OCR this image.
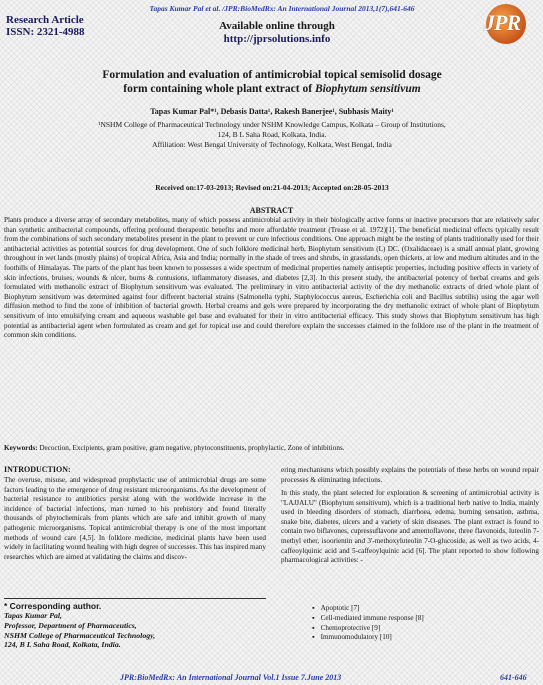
Tapas Kumar Pal et al. /JPR:BioMedRx: An International Journal 2013,1(7),641-646
Research Article
ISSN: 2321-4988	Available online through
http://jprsolutions.info
JPR
Formulation and evaluation of antimicrobial topical semisolid dosage
form containing whole plant extract of Biophytum sensitivum
Tapas Kumar Pal*¹, Debasis Datta¹, Rakesh Banerjee¹, Subhasis Maity¹
¹NSHM College of Pharmaceutical Technology under NSHM Knowledge Campus, Kolkata – Group of Institutions,
124, B L Saha Road, Kolkata, India.
Affiliation: West Bengal University of Technology, Kolkata, West Bengal, India
Received on:17-03-2013; Revised on:21-04-2013; Accepted on:28-05-2013
ABSTRACT

Plants produce a diverse array of secondary metabolites, many of which possess antimicrobial activity in their biologically active forms or inactive precursors that are relatively safer than synthetic antibacterial compounds, offering profound therapeutic benefits and more affordable treatment (Trease et al. 1972)[1]. The beneficial medicinal effects typically result from the combinations of such secondary metabolites present in the plant to prevent or cure infectious conditions. One approach might be the testing of plants traditionally used for their antibacterial activities as potential sources for drug development. One of such folklore medicinal herb, Biophytum sensitivum (L) DC. (Oxalidaceae) is a small annual plant, growing throughout in wet lands (mostly plains) of tropical Africa, Asia and India; normally in the shade of trees and shrubs, in grasslands, open thickets, at low and medium altitudes and in the foothills of Himalayas. The parts of the plant has been known to possesses a wide spectrum of medicinal properties namely antiseptic properties, including positive effects in variety of skin infections, bruises, wounds & ulcer, burns & contusions, inflammatory diseases, and diabetes [2,3]. In this present study, the antibacterial potency of herbal creams and gels formulated with methanolic extract of Biophytum sensitivum was evaluated. The preliminary in vitro antibacterial activity of the dry methanolic extracts of dried whole plant of Biophytum sensitivum was determined against four different bacterial strains (Salmonella typhi, Staphylococcus aureus, Escherichia coli and Bacillus subtilis) using the agar well diffusion method to find the zone of inhibition of bacterial growth. Herbal creams and gels were prepared by incorporating the dry methanolic extract of whole plant of Biophytum sensitivum of into emulsifying cream and aqueous washable gel base and evaluated for their in vitro antibacterial efficacy. This study shows that Biophytum sensitivum has high potential as antibacterial agent when formulated as cream and gel for topical use and could therefore explain the successes claimed in the folklore use of the plant in the treatment of common skin conditions.

Keywords: Decoction, Excipients, gram positive, gram negative, phytoconstituents, prophylactic, Zone of inhibitions.
INTRODUCTION:

The overuse, misuse, and widespread prophylactic use of antimicrobial drugs are some factors leading to the emergence of drug resistant microorganisms. As the development of bacterial resistance to antibiotics persist along with the worldwide increase in the incidence of bacterial infections, man turned to his prehistory and found literally thousands of phytochemicals from plants which are safe and inhibit growth of many pathogenic microorganisms. Topical antimicrobial therapy is one of the most important methods of wound care [4,5]. In folklore medicine, medicinal plants have been used widely in facilitating wound healing with high degree of successes. This has inspired many researches which are aimed at validating the claims and discov-

ering mechanisms which possibly explains the potentials of these herbs on wound repair processes & eliminating infections.

In this study, the plant selected for exploration & screening of antimicrobial activity is "LAJJALU" (Biophytum sensitivum), which is a traditional herb native to India, mainly used in bleeding disorders of stomach, diarrhoea, edema, burning sensation, asthma, snake bite, diabetes, ulcers and a variety of skin diseases. The plant extract is found to contain two biflavones, cupressuflavone and amentoflavone, three flavonoids, luteolin 7-methyl ether, isoorientin and 3'-methoxyluteolin 7-O-glucoside, as well as two acids, 4-caffeoylquinic acid and 5-caffeoylquinic acid [6]. The plant reported to show following pharmacological activities: -

▪ Apoptotic [7]
▪ Cell-mediated immune response [8]
▪ Chemoprotective [9]
▪ Immunomodulatory [10]
* Corresponding author.
Tapas Kumar Pal,
Professor, Department of Pharmaceutics,
NSHM College of Pharmaceutical Technology,
124, B L Saha Road, Kolkata, India.
JPR:BioMedRx: An International Journal Vol.1 Issue 7.June 2013	641-646
